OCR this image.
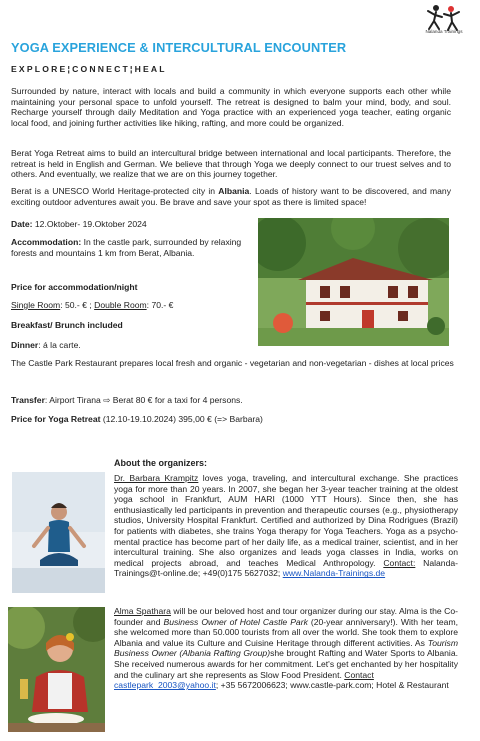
Nalanda Trainings
YOGA EXPERIENCE & INTERCULTURAL ENCOUNTER
EXPLORE¦CONNECT¦HEAL

Surrounded by nature, interact with locals and build a community in which everyone supports each other while maintaining your personal space to unfold yourself. The retreat is designed to balm your mind, body, and soul. Recharge yourself through daily Meditation and Yoga practice with an experienced yoga teacher, eating organic local food, and joining further activities like hiking, rafting, and more could be organized.

Berat Yoga Retreat aims to build an intercultural bridge between international and local participants. Therefore, the retreat is held in English and German. We believe that through Yoga we deeply connect to our truest selves and to others. And eventually, we realize that we are on this journey together.

Berat is a UNESCO World Heritage-protected city in Albania. Loads of history want to be discovered, and many exciting outdoor adventures await you. Be brave and save your spot as there is limited space!

Date: 12.Oktober- 19.Oktober 2024

Accommodation: In the castle park, surrounded by relaxing forests and mountains 1 km from Berat, Albania.

Price for accommodation/night

Single Room: 50.- € ; Double Room: 70.- €

Breakfast/ Brunch included

Dinner: á la carte.

The Castle Park Restaurant prepares local fresh and organic - vegetarian and non-vegetarian - dishes at local prices

Transfer: Airport Tirana ⇨ Berat 80 € for a taxi for 4 persons.

Price for Yoga Retreat (12.10-19.10.2024) 395,00 € (=> Barbara)

About the organizers:

Dr. Barbara Krampitz loves yoga, traveling, and intercultural exchange. She practices yoga for more than 20 years. In 2007, she began her 3-year teacher training at the oldest yoga school in Frankfurt, AUM HARI (1000 YTT Hours). Since then, she has enthusiastically led participants in prevention and therapeutic courses (e.g., physiotherapy studios, University Hospital Frankfurt. Certified and authorized by Dina Rodrigues (Brazil) for patients with diabetes, she trains Yoga therapy for Yoga Teachers. Yoga as a psycho-mental practice has become part of her daily life, as a medical trainer, scientist, and in her intercultural training. She also organizes and leads yoga classes in India, works on medical projects abroad, and teaches Medical Anthropology. Contact: Nalanda-Trainings@t-online.de; +49(0)175 5627032; www.Nalanda-Trainings.de

Alma Spathara will be our beloved host and tour organizer during our stay. Alma is the Co-founder and Business Owner of Hotel Castle Park (20-year anniversary!). With her team, she welcomed more than 50.000 tourists from all over the world. She took them to explore Albania and value its Culture and Cuisine Heritage through different activities. As Tourism Business Owner (Albania Rafting Group)she brought Rafting and Water Sports to Albania. She received numerous awards for her commitment. Let's get enchanted by her hospitality and the culinary art she represents as Slow Food President. Contact
castlepark_2003@yahoo.it; +35 5672006623; www.castle-park.com; Hotel & Restaurant
